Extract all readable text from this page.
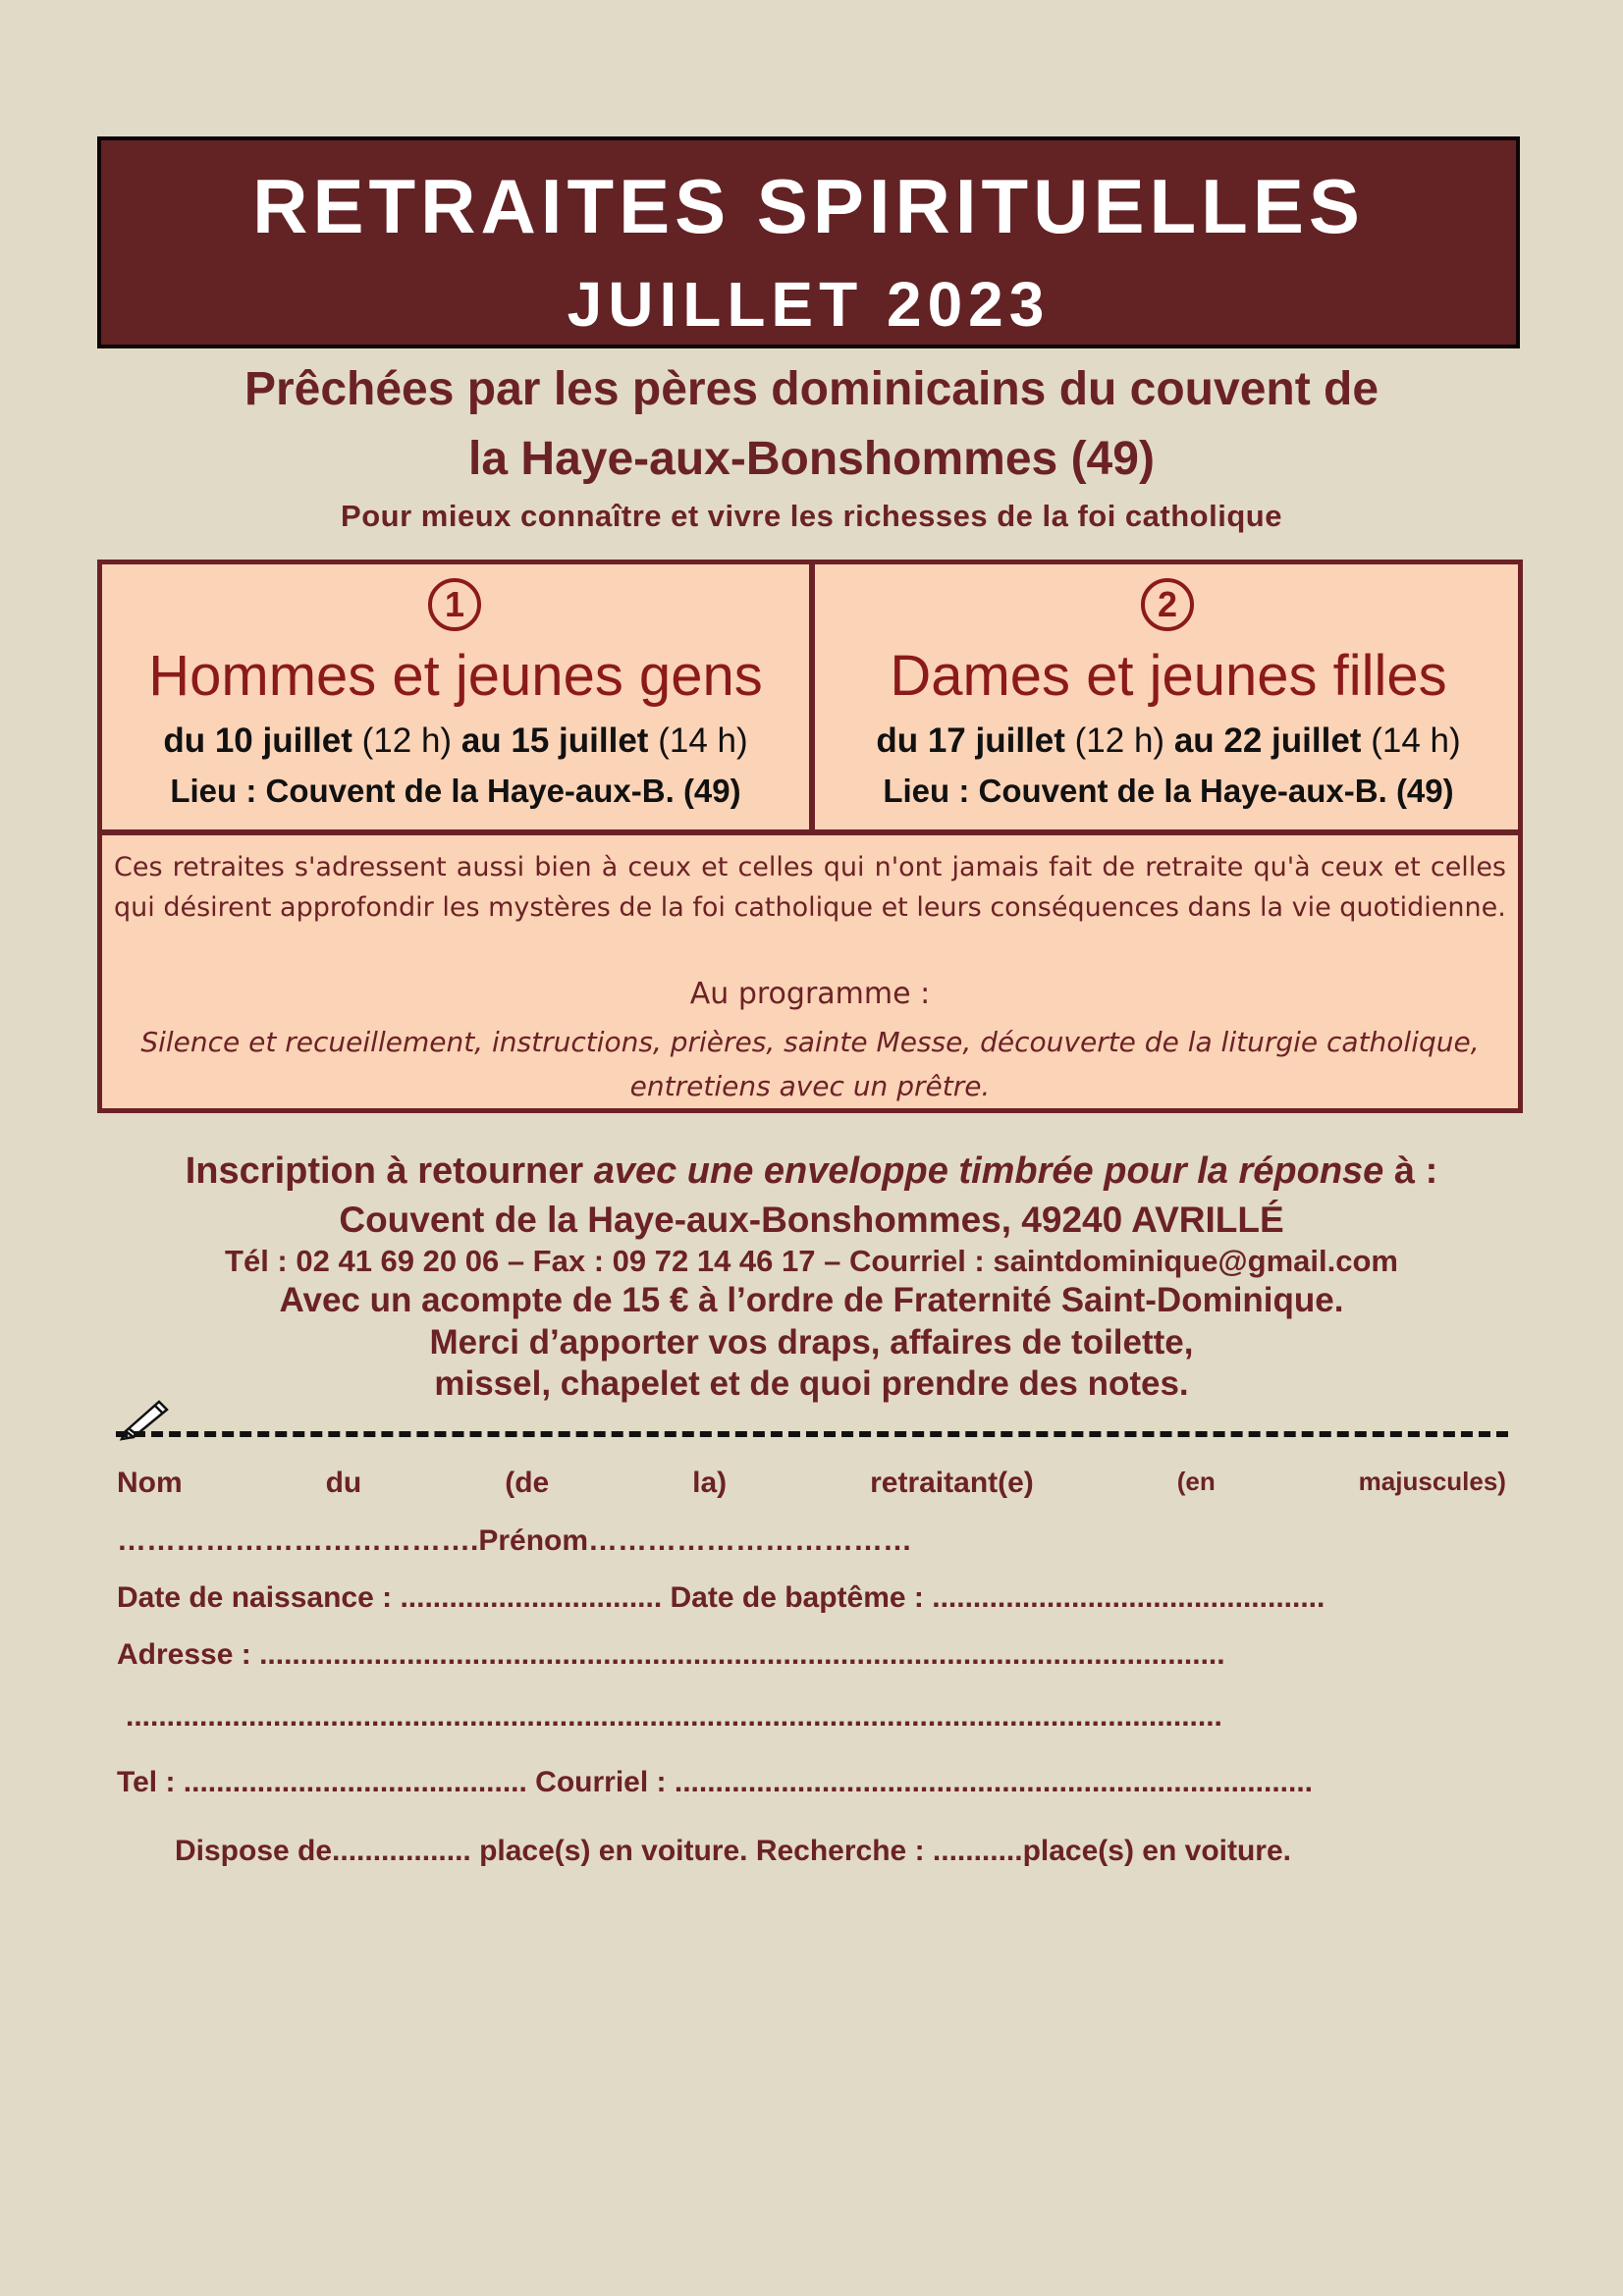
RETRAITES SPIRITUELLES
JUILLET 2023
Prêchées par les pères dominicains du couvent de
la Haye-aux-Bonshommes (49)
Pour mieux connaître et vivre les richesses de la foi catholique
1
Hommes et jeunes gens
du 10 juillet (12 h) au 15 juillet (14 h)
Lieu : Couvent de la Haye-aux-B. (49)
2
Dames et jeunes filles
du 17 juillet (12 h) au 22 juillet (14 h)
Lieu : Couvent de la Haye-aux-B. (49)
Ces retraites s'adressent aussi bien à ceux et celles qui n'ont jamais fait de retraite qu'à ceux et celles qui désirent approfondir les mystères de la foi catholique et leurs conséquences dans la vie quotidienne.
Au programme :
Silence et recueillement, instructions, prières, sainte Messe, découverte de la liturgie catholique, entretiens avec un prêtre.
Inscription à retourner avec une enveloppe timbrée pour la réponse à :
Couvent de la Haye-aux-Bonshommes, 49240 AVRILLÉ
Tél : 02 41 69 20 06 – Fax : 09 72 14 46 17 – Courriel : saintdominique@gmail.com
Avec un acompte de 15 € à l’ordre de Fraternité Saint-Dominique.
Merci d’apporter vos draps, affaires de toilette,
missel, chapelet et de quoi prendre des notes.
Nom	du	(de	la)	retraitant(e)	(en	majuscules)
……………………………….Prénom……………………………
Date de naissance : ................................ Date de baptême : ................................................
Adresse : ......................................................................................................................
......................................................................................................................................
Tel : .......................................... Courriel : ..............................................................................
Dispose de................. place(s) en voiture. Recherche : ...........place(s) en voiture.
